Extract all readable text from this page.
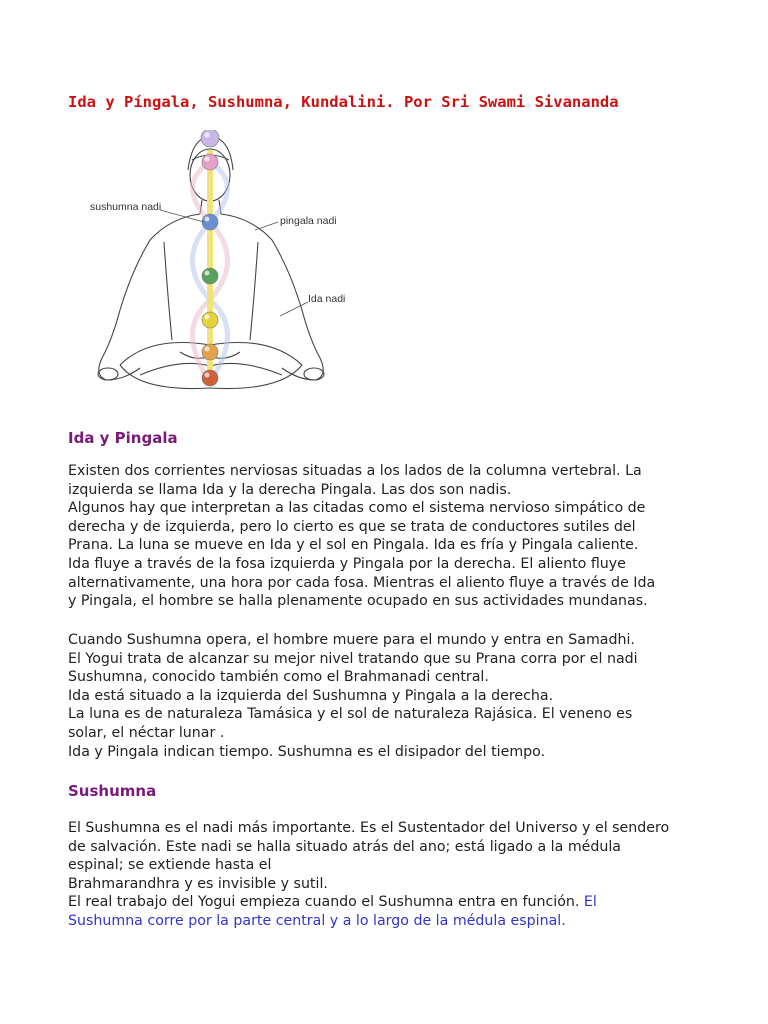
Ida y Píngala, Sushumna, Kundalini. Por Sri Swami Sivananda
sushumna nadi
pingala nadi
Ida nadi
Ida y Pingala
Existen dos corrientes nerviosas situadas a los lados de la columna vertebral. La
izquierda se llama Ida y la derecha Pingala. Las dos son nadis.
Algunos hay que interpretan a las citadas como el sistema nervioso simpático de
derecha y de izquierda, pero lo cierto es que se trata de conductores sutiles del
Prana. La luna se mueve en Ida y el sol en Pingala. Ida es fría y Pingala caliente.
Ida fluye a través de la fosa izquierda y Pingala por la derecha. El aliento fluye
alternativamente, una hora por cada fosa. Mientras el aliento fluye a través de Ida
y Pingala, el hombre se halla plenamente ocupado en sus actividades mundanas.
Cuando Sushumna opera, el hombre muere para el mundo y entra en Samadhi.
El Yogui trata de alcanzar su mejor nivel tratando que su Prana corra por el nadi
Sushumna, conocido también como el Brahmanadi central.
Ida está situado a la izquierda del Sushumna y Pingala a la derecha.
La luna es de naturaleza Tamásica y el sol de naturaleza Rajásica. El veneno es
solar, el néctar lunar .
Ida y Pingala indican tiempo. Sushumna es el disipador del tiempo.
Sushumna
El Sushumna es el nadi más importante. Es el Sustentador del Universo y el sendero
de salvación. Este nadi se halla situado atrás del ano; está ligado a la médula
espinal; se extiende hasta el
Brahmarandhra y es invisible y sutil.
El real trabajo del Yogui empieza cuando el Sushumna entra en función. El
Sushumna corre por la parte central y a lo largo de la médula espinal.
